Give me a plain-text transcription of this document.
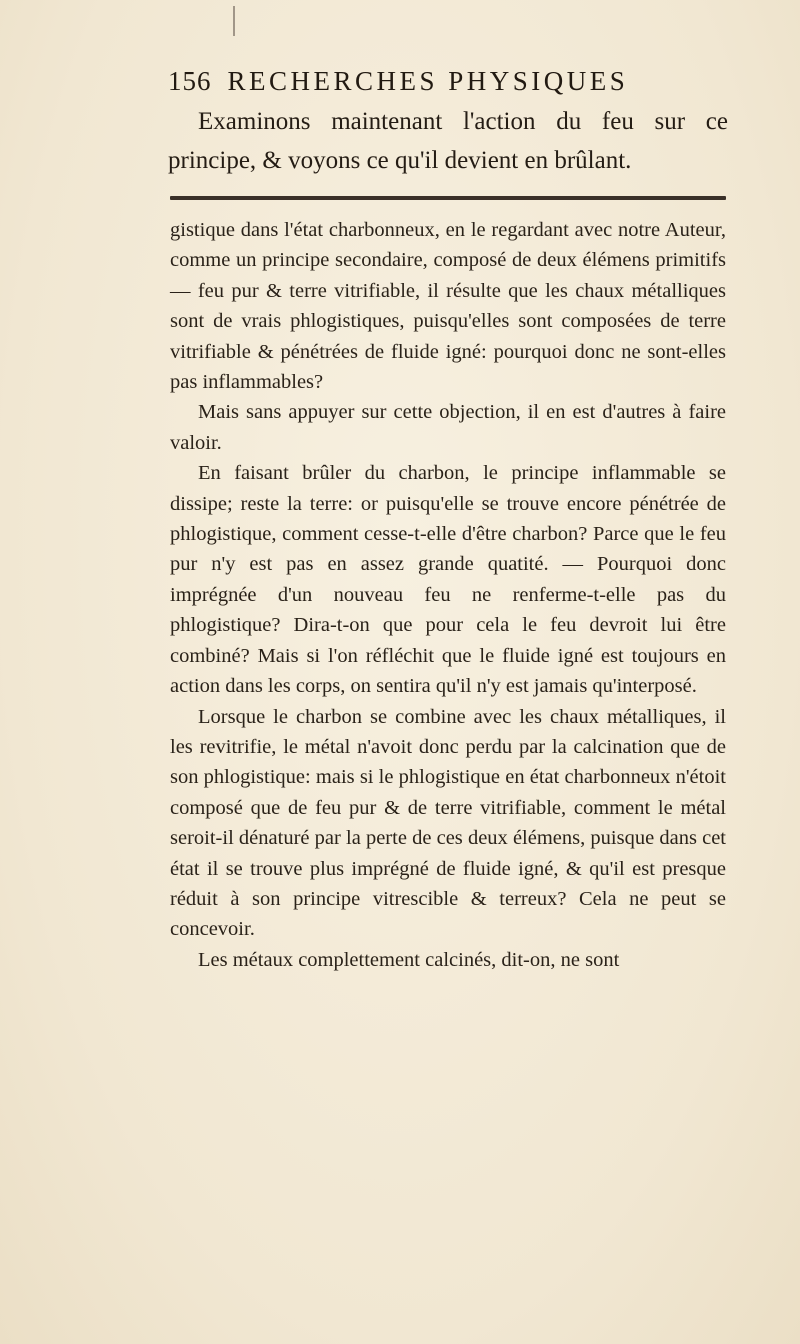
156 RECHERCHES PHYSIQUES

Examinons maintenant l'action du feu sur ce principe, & voyons ce qu'il devient en brûlant.

gistique dans l'état charbonneux, en le regardant avec notre Auteur, comme un principe secondaire, composé de deux élémens primitifs — feu pur & terre vitrifiable, il résulte que les chaux métalliques sont de vrais phlogistiques, puisqu'elles sont composées de terre vitrifiable & pénétrées de fluide igné: pourquoi donc ne sont-elles pas inflammables?

Mais sans appuyer sur cette objection, il en est d'autres à faire valoir.

En faisant brûler du charbon, le principe inflammable se dissipe; reste la terre: or puisqu'elle se trouve encore pénétrée de phlogistique, comment cesse-t-elle d'être charbon? Parce que le feu pur n'y est pas en assez grande quatité. — Pourquoi donc imprégnée d'un nouveau feu ne renferme-t-elle pas du phlogistique? Dira-t-on que pour cela le feu devroit lui être combiné? Mais si l'on réfléchit que le fluide igné est toujours en action dans les corps, on sentira qu'il n'y est jamais qu'interposé.

Lorsque le charbon se combine avec les chaux métalliques, il les revitrifie, le métal n'avoit donc perdu par la calcination que de son phlogistique: mais si le phlogistique en état charbonneux n'étoit composé que de feu pur & de terre vitrifiable, comment le métal seroit-il dénaturé par la perte de ces deux élémens, puisque dans cet état il se trouve plus imprégné de fluide igné, & qu'il est presque réduit à son principe vitrescible & terreux? Cela ne peut se concevoir.

Les métaux complettement calcinés, dit-on, ne sont
